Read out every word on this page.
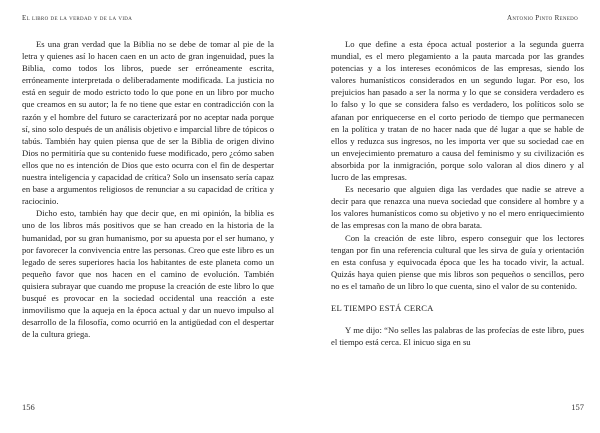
El libro de la verdad y de la vida

Es una gran verdad que la Biblia no se debe de tomar al pie de la letra y quienes así lo hacen caen en un acto de gran ingenuidad, pues la Biblia, como todos los libros, puede ser erróneamente escrita, erróneamente interpretada o deliberadamente modificada. La justicia no está en seguir de modo estricto todo lo que pone en un libro por mucho que creamos en su autor; la fe no tiene que estar en contradicción con la razón y el hombre del futuro se caracterizará por no aceptar nada porque sí, sino solo después de un análisis objetivo e imparcial libre de tópicos o tabús. También hay quien piensa que de ser la Biblia de origen divino Dios no permitiría que su contenido fuese modificado, pero ¿cómo saben ellos que no es intención de Dios que esto ocurra con el fin de despertar nuestra inteligencia y capacidad de crítica? Solo un insensato sería capaz en base a argumentos religiosos de renunciar a su capacidad de crítica y raciocinio.

Dicho esto, también hay que decir que, en mi opinión, la biblia es uno de los libros más positivos que se han creado en la historia de la humanidad, por su gran humanismo, por su apuesta por el ser humano, y por favorecer la convivencia entre las personas. Creo que este libro es un legado de seres superiores hacia los habitantes de este planeta como un pequeño favor que nos hacen en el camino de evolución. También quisiera subrayar que cuando me propuse la creación de este libro lo que busqué es provocar en la sociedad occidental una reacción a este inmovilismo que la aqueja en la época actual y dar un nuevo impulso al desarrollo de la filosofía, como ocurrió en la antigüedad con el despertar de la cultura griega.

156
Antonio Pinto Renedo

Lo que define a esta época actual posterior a la segunda guerra mundial, es el mero plegamiento a la pauta marcada por las grandes potencias y a los intereses económicos de las empresas, siendo los valores humanísticos considerados en un segundo lugar. Por eso, los prejuicios han pasado a ser la norma y lo que se considera verdadero es lo falso y lo que se considera falso es verdadero, los políticos solo se afanan por enriquecerse en el corto periodo de tiempo que permanecen en la política y tratan de no hacer nada que dé lugar a que se hable de ellos y reduzca sus ingresos, no les importa ver que su sociedad cae en un envejecimiento prematuro a causa del feminismo y su civilización es absorbida por la inmigración, porque solo valoran al dios dinero y al lucro de las empresas.

Es necesario que alguien diga las verdades que nadie se atreve a decir para que renazca una nueva sociedad que considere al hombre y a los valores humanísticos como su objetivo y no el mero enriquecimiento de las empresas con la mano de obra barata.

Con la creación de este libro, espero conseguir que los lectores tengan por fin una referencia cultural que les sirva de guía y orientación en esta confusa y equivocada época que les ha tocado vivir, la actual. Quizás haya quien piense que mis libros son pequeños o sencillos, pero no es el tamaño de un libro lo que cuenta, sino el valor de su contenido.

EL TIEMPO ESTÁ CERCA

Y me dijo: “No selles las palabras de las profecías de este libro, pues el tiempo está cerca. El inicuo siga en su

157
